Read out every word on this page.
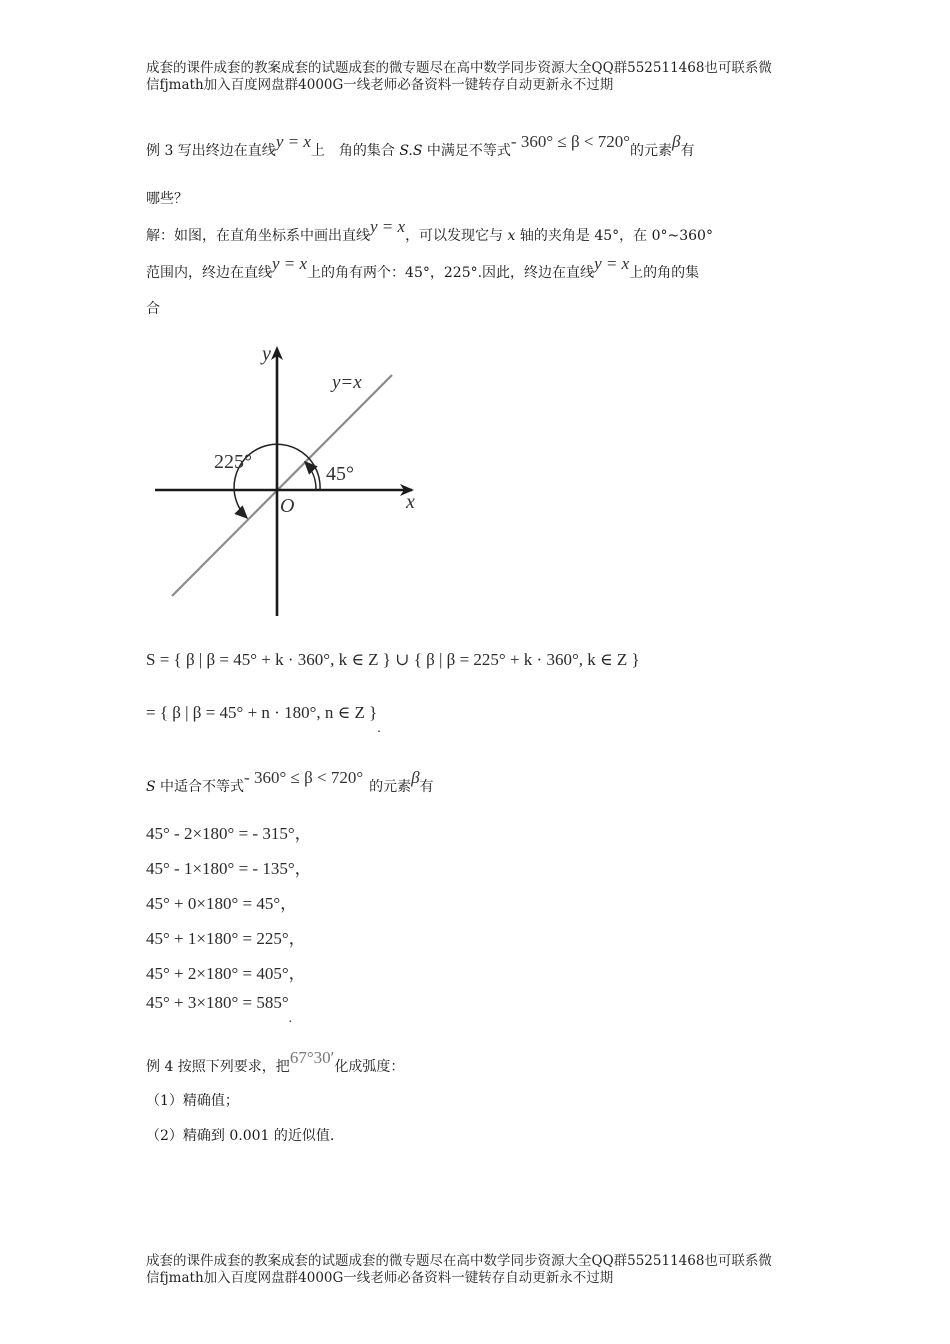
成套的课件成套的教案成套的试题成套的微专题尽在高中数学同步资源大全QQ群552511468也可联系微
信fjmath加入百度网盘群4000G一线老师必备资料一键转存自动更新永不过期
例 3 写出终边在直线y = x上　角的集合 S.S 中满足不等式- 360° ≤ β < 720°的元素β有
哪些？
解：如图，在直角坐标系中画出直线y = x，可以发现它与 x 轴的夹角是 45°，在 0°~360°
范围内，终边在直线y = x上的角有两个：45°，225°.因此，终边在直线y = x上的角的集
合
y
x
y=x
225°
45°
O
S = { β | β = 45° + k · 360°, k ∈ Z } ∪ { β | β = 225° + k · 360°, k ∈ Z }
= { β | β = 45° + n · 180°, n ∈ Z }$_.$
S 中适合不等式- 360° ≤ β < 720° 的元素β有
45° - 2×180° = - 315°，
45° - 1×180° = - 135°，
45° + 0×180° = 45°，
45° + 1×180° = 225°，
45° + 2×180° = 405°，
$45^\circ + 3\times 180^\circ = 585^\circ_.$
例 4 按照下列要求，把67°30′化成弧度：
（1）精确值；
（2）精确到 0.001 的近似值.
成套的课件成套的教案成套的试题成套的微专题尽在高中数学同步资源大全QQ群552511468也可联系微
信fjmath加入百度网盘群4000G一线老师必备资料一键转存自动更新永不过期
